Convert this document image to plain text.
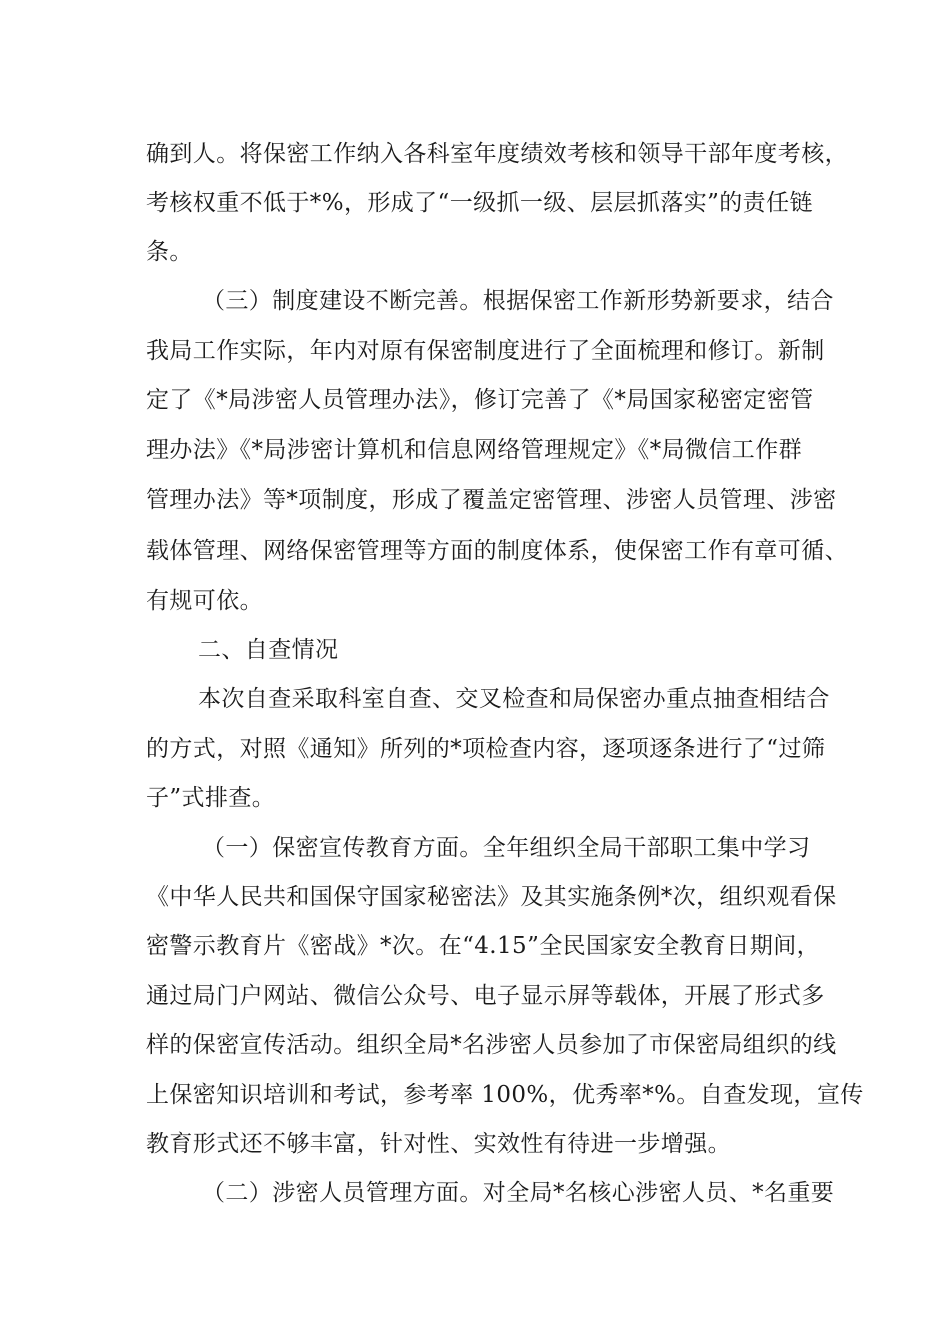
确到人。将保密工作纳入各科室年度绩效考核和领导干部年度考核，
考核权重不低于*%，形成了“一级抓一级、层层抓落实”的责任链
条。
（三）制度建设不断完善。根据保密工作新形势新要求，结合
我局工作实际，年内对原有保密制度进行了全面梳理和修订。新制
定了《*局涉密人员管理办法》，修订完善了《*局国家秘密定密管
理办法》《*局涉密计算机和信息网络管理规定》《*局微信工作群
管理办法》等*项制度，形成了覆盖定密管理、涉密人员管理、涉密
载体管理、网络保密管理等方面的制度体系，使保密工作有章可循、
有规可依。
二、自查情况
本次自查采取科室自查、交叉检查和局保密办重点抽查相结合
的方式，对照《通知》所列的*项检查内容，逐项逐条进行了“过筛
子”式排查。
（一）保密宣传教育方面。全年组织全局干部职工集中学习
《中华人民共和国保守国家秘密法》及其实施条例*次，组织观看保
密警示教育片《密战》*次。在“4.15”全民国家安全教育日期间，
通过局门户网站、微信公众号、电子显示屏等载体，开展了形式多
样的保密宣传活动。组织全局*名涉密人员参加了市保密局组织的线
上保密知识培训和考试，参考率 100%，优秀率*%。自查发现，宣传
教育形式还不够丰富，针对性、实效性有待进一步增强。
（二）涉密人员管理方面。对全局*名核心涉密人员、*名重要
